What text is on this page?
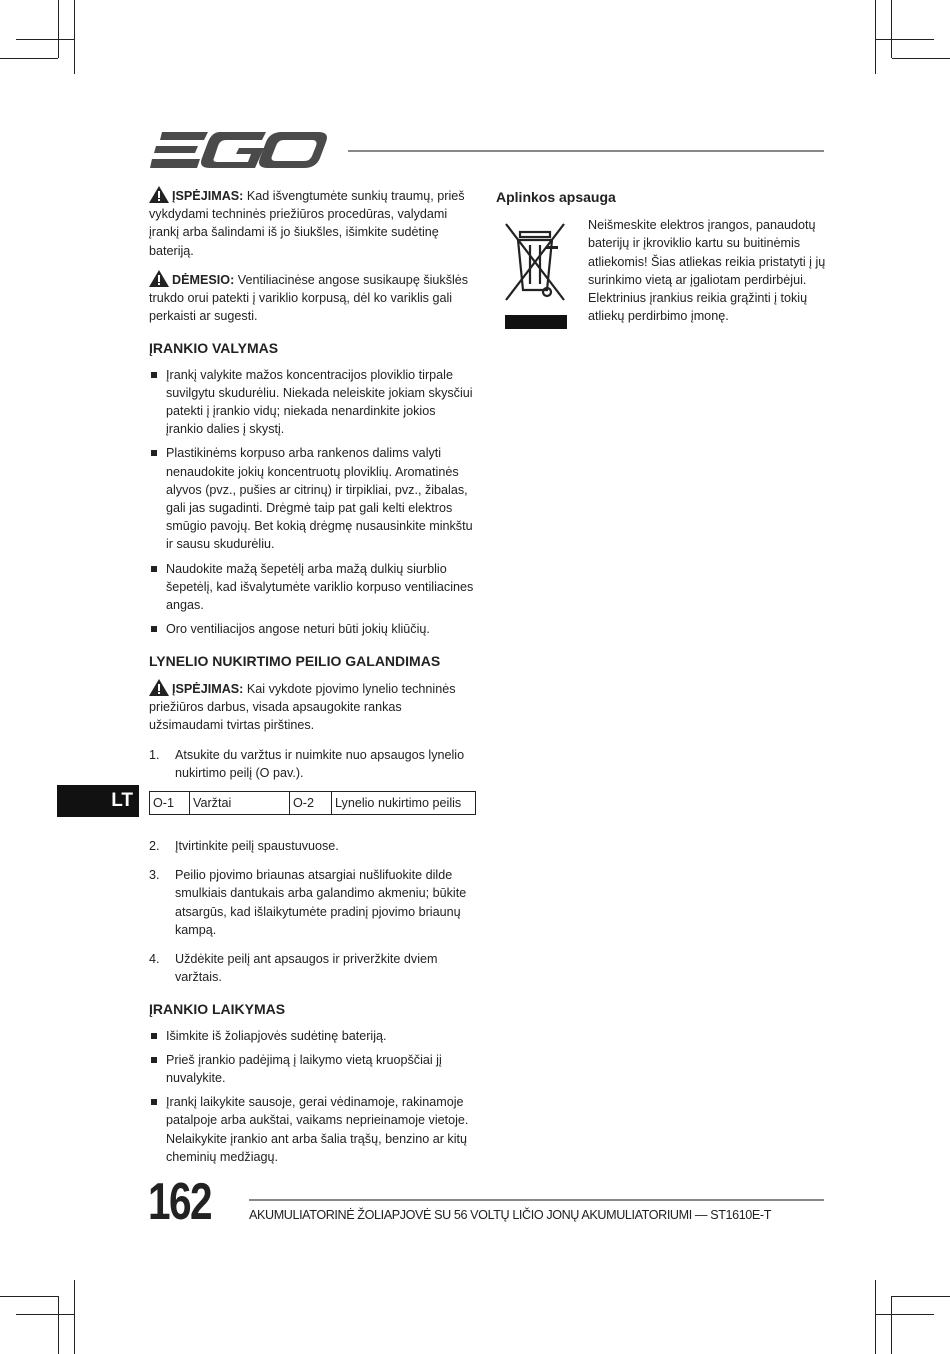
ĮSPĖJIMAS: Kad išvengtumėte sunkių traumų, prieš vykdydami techninės priežiūros procedūras, valydami įrankį arba šalindami iš jo šiukšles, išimkite sudėtinę bateriją.

DĖMESIO: Ventiliacinėse angose susikaupę šiukšlės trukdo orui patekti į variklio korpusą, dėl ko variklis gali perkaisti ar sugesti.

ĮRANKIO VALYMAS
Įrankį valykite mažos koncentracijos ploviklio tirpale suvilgytu skudurėliu. Niekada neleiskite jokiam skysčiui patekti į įrankio vidų; niekada nenardinkite jokios įrankio dalies į skystį.
Plastikinėms korpuso arba rankenos dalims valyti nenaudokite jokių koncentruotų ploviklių. Aromatinės alyvos (pvz., pušies ar citrinų) ir tirpikliai, pvz., žibalas, gali jas sugadinti. Drėgmė taip pat gali kelti elektros smūgio pavojų. Bet kokią drėgmę nusausinkite minkštu ir sausu skudurėliu.
Naudokite mažą šepetėlį arba mažą dulkių siurblio šepetėlį, kad išvalytumėte variklio korpuso ventiliacines angas.
Oro ventiliacijos angose neturi būti jokių kliūčių.
LYNELIO NUKIRTIMO PEILIO GALANDIMAS

ĮSPĖJIMAS: Kai vykdote pjovimo lynelio techninės priežiūros darbus, visada apsaugokite rankas užsimaudami tvirtas pirštines.

1. Atsukite du varžtus ir nuimkite nuo apsaugos lynelio nukirtimo peilį (O pav.).
O-1	Varžtai	O-2	Lynelio nukirtimo peilis
2. Įtvirtinkite peilį spaustuvuose.
3. Peilio pjovimo briaunas atsargiai nušlifuokite dilde smulkiais dantukais arba galandimo akmeniu; būkite atsargūs, kad išlaikytumėte pradinį pjovimo briaunų kampą.
4. Uždėkite peilį ant apsaugos ir priveržkite dviem varžtais.
ĮRANKIO LAIKYMAS
Išimkite iš žoliapjovės sudėtinę bateriją.
Prieš įrankio padėjimą į laikymo vietą kruopščiai jį nuvalykite.
Įrankį laikykite sausoje, gerai vėdinamoje, rakinamoje patalpoje arba aukštai, vaikams neprieinamoje vietoje. Nelaikykite įrankio ant arba šalia trąšų, benzino ar kitų cheminių medžiagų.
Aplinkos apsauga

Neišmeskite elektros įrangos, panaudotų baterijų ir įkroviklio kartu su buitinėmis atliekomis! Šias atliekas reikia pristatyti į jų surinkimo vietą ar įgaliotam perdirbėjui. Elektrinius įrankius reikia grąžinti į tokių atliekų perdirbimo įmonę.

LT
162	AKUMULIATORINĖ ŽOLIAPJOVĖ SU 56 VOLTŲ LIČIO JONŲ AKUMULIATORIUMI — ST1610E-T
